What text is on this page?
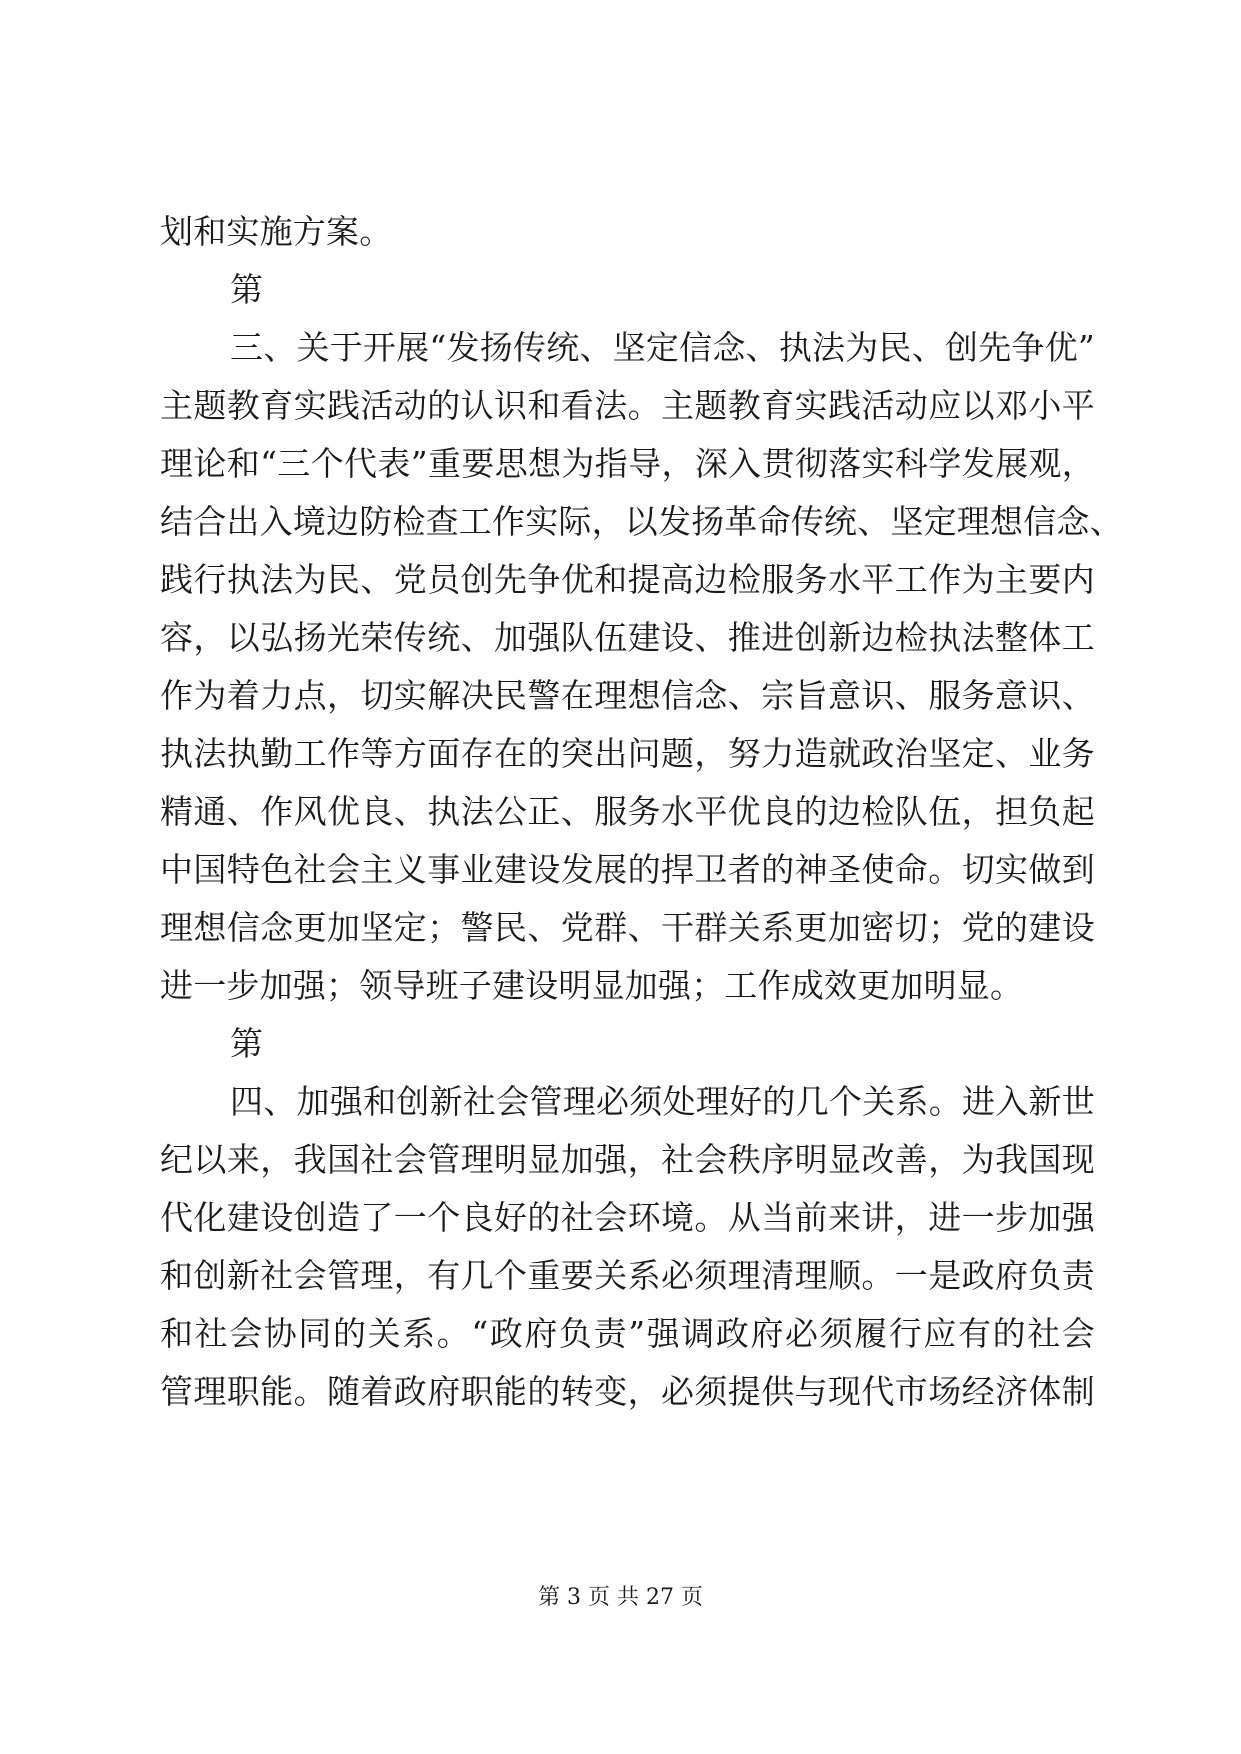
划和实施方案。
第
三、关于开展“发扬传统、坚定信念、执法为民、创先争优”
主题教育实践活动的认识和看法。主题教育实践活动应以邓小平
理论和“三个代表”重要思想为指导，深入贯彻落实科学发展观，
结合出入境边防检查工作实际，以发扬革命传统、坚定理想信念、
践行执法为民、党员创先争优和提高边检服务水平工作为主要内
容，以弘扬光荣传统、加强队伍建设、推进创新边检执法整体工
作为着力点，切实解决民警在理想信念、宗旨意识、服务意识、
执法执勤工作等方面存在的突出问题，努力造就政治坚定、业务
精通、作风优良、执法公正、服务水平优良的边检队伍，担负起
中国特色社会主义事业建设发展的捍卫者的神圣使命。切实做到
理想信念更加坚定；警民、党群、干群关系更加密切；党的建设
进一步加强；领导班子建设明显加强；工作成效更加明显。
第
四、加强和创新社会管理必须处理好的几个关系。进入新世
纪以来，我国社会管理明显加强，社会秩序明显改善，为我国现
代化建设创造了一个良好的社会环境。从当前来讲，进一步加强
和创新社会管理，有几个重要关系必须理清理顺。一是政府负责
和社会协同的关系。“政府负责”强调政府必须履行应有的社会
管理职能。随着政府职能的转变，必须提供与现代市场经济体制
第 3 页 共 27 页
